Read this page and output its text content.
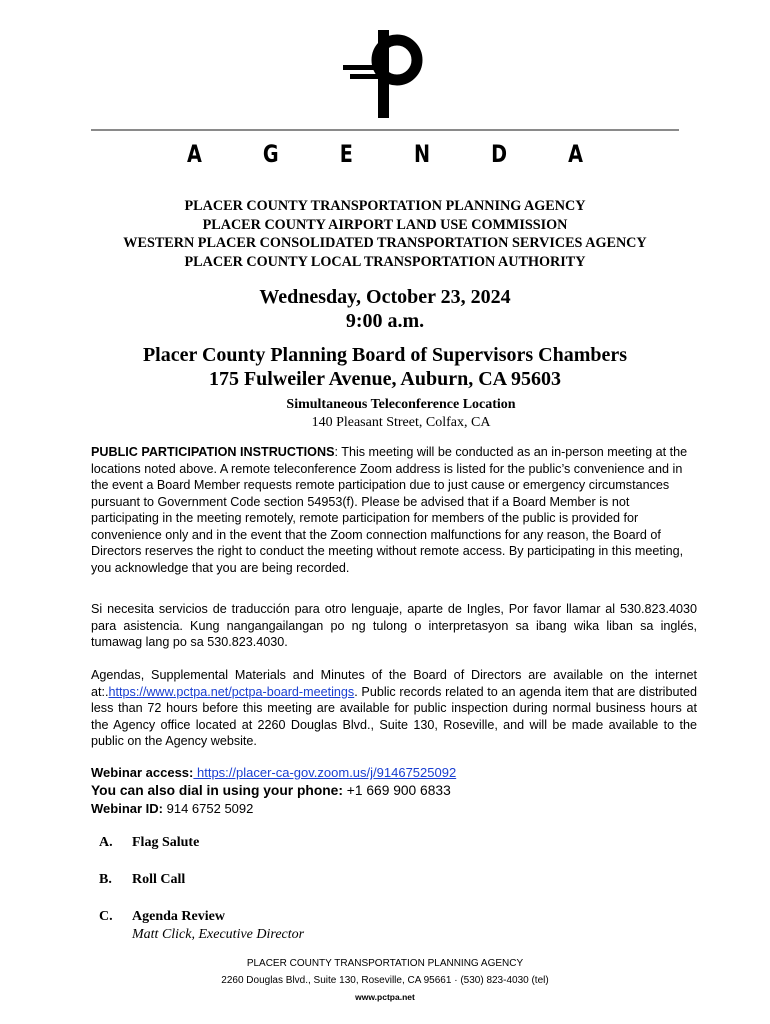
A G E N D A
PLACER COUNTY TRANSPORTATION PLANNING AGENCY
PLACER COUNTY AIRPORT LAND USE COMMISSION
WESTERN PLACER CONSOLIDATED TRANSPORTATION SERVICES AGENCY
PLACER COUNTY LOCAL TRANSPORTATION AUTHORITY
Wednesday, October 23, 2024
9:00 a.m.
Placer County Planning Board of Supervisors Chambers
175 Fulweiler Avenue, Auburn, CA 95603
Simultaneous Teleconference Location
140 Pleasant Street, Colfax, CA
PUBLIC PARTICIPATION INSTRUCTIONS: This meeting will be conducted as an in-person meeting at the locations noted above. A remote teleconference Zoom address is listed for the public’s convenience and in the event a Board Member requests remote participation due to just cause or emergency circumstances pursuant to Government Code section 54953(f). Please be advised that if a Board Member is not participating in the meeting remotely, remote participation for members of the public is provided for convenience only and in the event that the Zoom connection malfunctions for any reason, the Board of Directors reserves the right to conduct the meeting without remote access. By participating in this meeting, you acknowledge that you are being recorded.
Si necesita servicios de traducción para otro lenguaje, aparte de Ingles, Por favor llamar al 530.823.4030 para asistencia. Kung nangangailangan po ng tulong o interpretasyon sa ibang wika liban sa inglés, tumawag lang po sa 530.823.4030.
Agendas, Supplemental Materials and Minutes of the Board of Directors are available on the internet at:.https://www.pctpa.net/pctpa-board-meetings. Public records related to an agenda item that are distributed less than 72 hours before this meeting are available for public inspection during normal business hours at the Agency office located at 2260 Douglas Blvd., Suite 130, Roseville, and will be made available to the public on the Agency website.
Webinar access: https://placer-ca-gov.zoom.us/j/91467525092
You can also dial in using your phone: +1 669 900 6833
Webinar ID: 914 6752 5092
A. Flag Salute
B. Roll Call
C. Agenda Review
Matt Click, Executive Director
PLACER COUNTY TRANSPORTATION PLANNING AGENCY
2260 Douglas Blvd., Suite 130, Roseville, CA 95661 · (530) 823-4030 (tel)
www.pctpa.net
